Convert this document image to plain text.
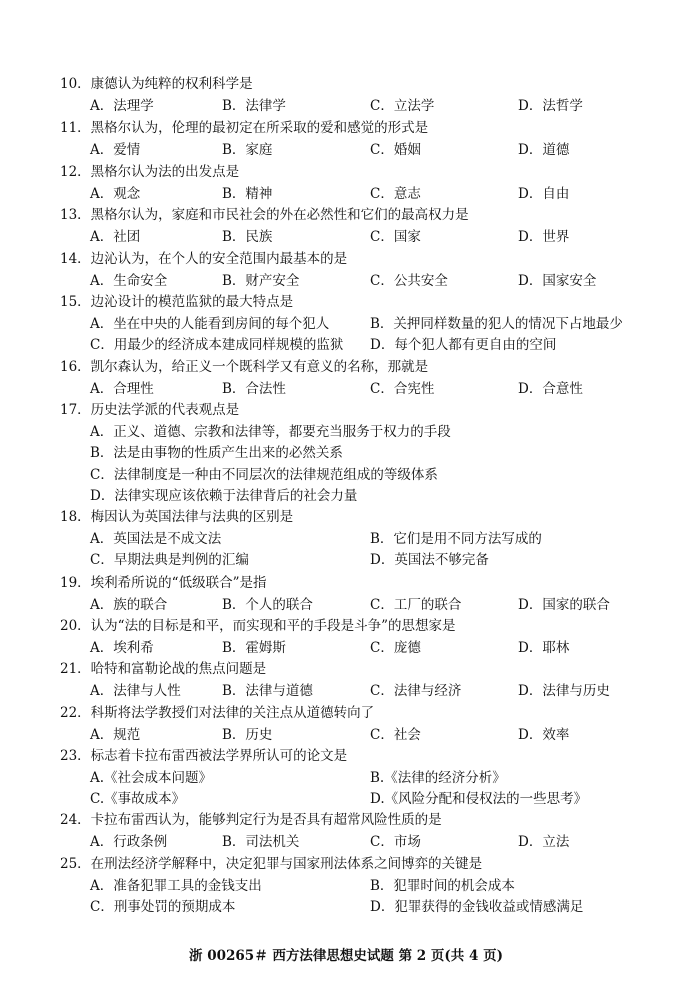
10．康德认为纯粹的权利科学是
A．法理学	B．法律学	C．立法学	D．法哲学
11．黑格尔认为，伦理的最初定在所采取的爱和感觉的形式是
A．爱情	B．家庭	C．婚姻	D．道德
12．黑格尔认为法的出发点是
A．观念	B．精神	C．意志	D．自由
13．黑格尔认为，家庭和市民社会的外在必然性和它们的最高权力是
A．社团	B．民族	C．国家	D．世界
14．边沁认为，在个人的安全范围内最基本的是
A．生命安全	B．财产安全	C．公共安全	D．国家安全
15．边沁设计的模范监狱的最大特点是
A．坐在中央的人能看到房间的每个犯人	B．关押同样数量的犯人的情况下占地最少
C．用最少的经济成本建成同样规模的监狱 D．每个犯人都有更自由的空间
16．凯尔森认为，给正义一个既科学又有意义的名称，那就是
A．合理性	B．合法性	C．合宪性	D．合意性
17．历史法学派的代表观点是
A．正义、道德、宗教和法律等，都要充当服务于权力的手段
B．法是由事物的性质产生出来的必然关系
C．法律制度是一种由不同层次的法律规范组成的等级体系
D．法律实现应该依赖于法律背后的社会力量
18．梅因认为英国法律与法典的区别是
A．英国法是不成文法	B．它们是用不同方法写成的
C．早期法典是判例的汇编	D．英国法不够完备
19．埃利希所说的“低级联合”是指
A．族的联合	B．个人的联合	C．工厂的联合	D．国家的联合
20．认为“法的目标是和平，而实现和平的手段是斗争”的思想家是
A．埃利希	B．霍姆斯	C．庞德	D．耶林
21．哈特和富勒论战的焦点问题是
A．法律与人性	B．法律与道德	C．法律与经济	D．法律与历史
22．科斯将法学教授们对法律的关注点从道德转向了
A．规范	B．历史	C．社会	D．效率
23．标志着卡拉布雷西被法学界所认可的论文是
A.《社会成本问题》	B.《法律的经济分析》
C.《事故成本》	D.《风险分配和侵权法的一些思考》
24．卡拉布雷西认为，能够判定行为是否具有超常风险性质的是
A．行政条例	B．司法机关	C．市场	D．立法
25．在刑法经济学解释中，决定犯罪与国家刑法体系之间博弈的关键是
A．准备犯罪工具的金钱支出	B．犯罪时间的机会成本
C．刑事处罚的预期成本	D．犯罪获得的金钱收益或情感满足
浙 00265＃ 西方法律思想史试题 第 2 页(共 4 页)
